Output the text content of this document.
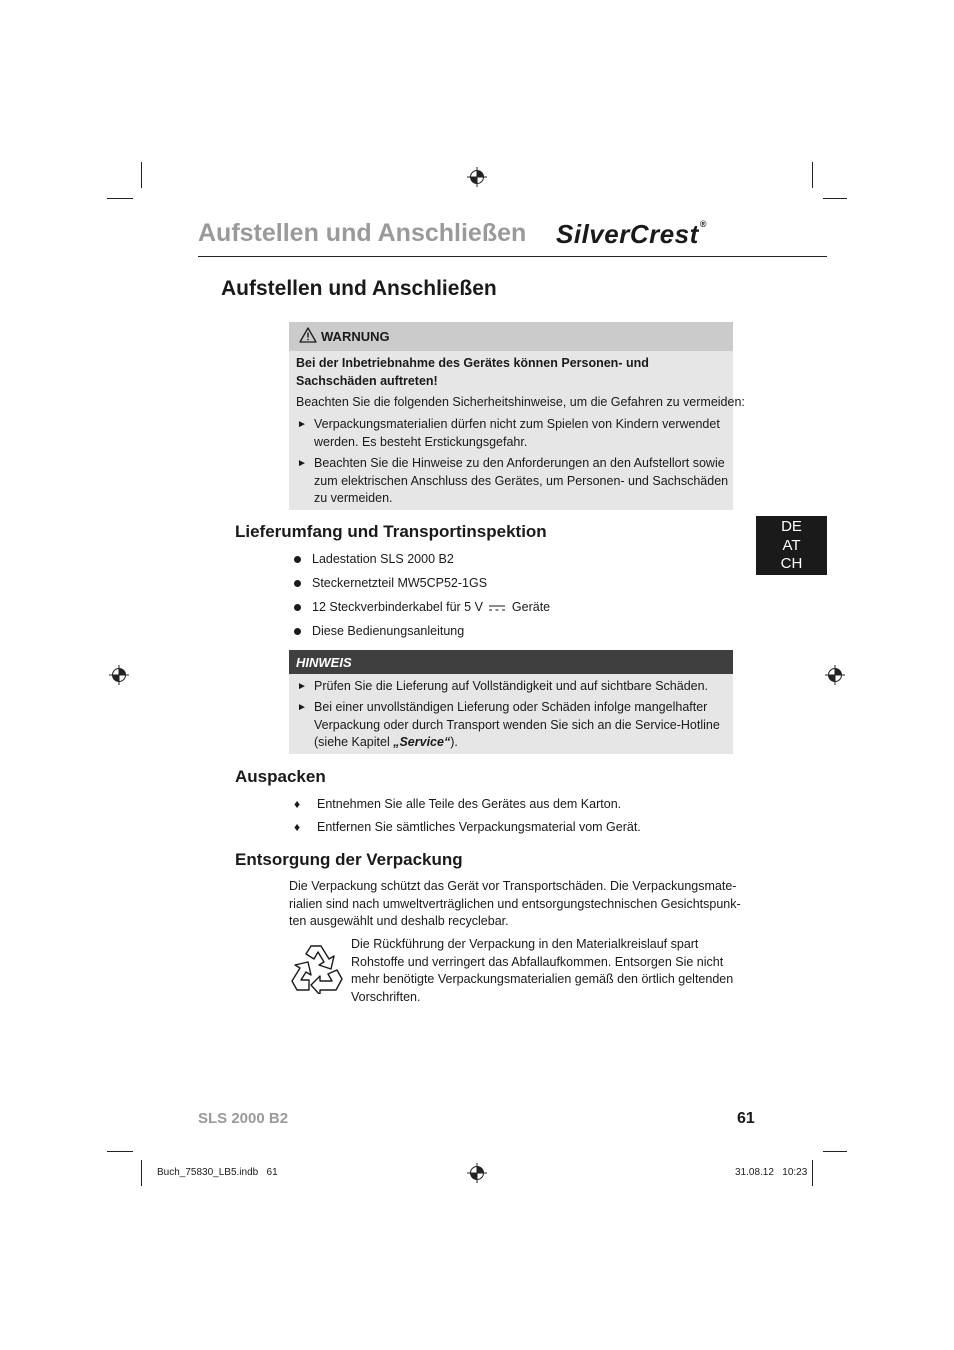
Aufstellen und Anschließen SilverCrest®
Aufstellen und Anschließen
WARNUNG
Bei der Inbetriebnahme des Gerätes können Personen- und
Sachschäden auftreten!
Beachten Sie die folgenden Sicherheitshinweise, um die Gefahren zu vermeiden:
► Verpackungsmaterialien dürfen nicht zum Spielen von Kindern verwendet
werden. Es besteht Erstickungsgefahr.
► Beachten Sie die Hinweise zu den Anforderungen an den Aufstellort sowie
zum elektrischen Anschluss des Gerätes, um Personen- und Sachschäden
zu vermeiden.
DE
AT
CH
Lieferumfang und Transportinspektion
Ladestation SLS 2000 B2
Steckernetzteil MW5CP52-1GS
12 Steckverbinderkabel für 5 V Geräte
Diese Bedienungsanleitung
HINWEIS
► Prüfen Sie die Lieferung auf Vollständigkeit und auf sichtbare Schäden.
► Bei einer unvollständigen Lieferung oder Schäden infolge mangelhafter
Verpackung oder durch Transport wenden Sie sich an die Service-Hotline
(siehe Kapitel „Service“).
Auspacken
♦ Entnehmen Sie alle Teile des Gerätes aus dem Karton.
♦ Entfernen Sie sämtliches Verpackungsmaterial vom Gerät.
Entsorgung der Verpackung
Die Verpackung schützt das Gerät vor Transportschäden. Die Verpackungsmate-
rialien sind nach umweltverträglichen und entsorgungstechnischen Gesichtspunk-
ten ausgewählt und deshalb recyclebar.
Die Rückführung der Verpackung in den Materialkreislauf spart
Rohstoffe und verringert das Abfallaufkommen. Entsorgen Sie nicht
mehr benötigte Verpackungsmaterialien gemäß den örtlich geltenden
Vorschriften.
SLS 2000 B2	61
Buch_75830_LB5.indb   61	31.08.12   10:23
